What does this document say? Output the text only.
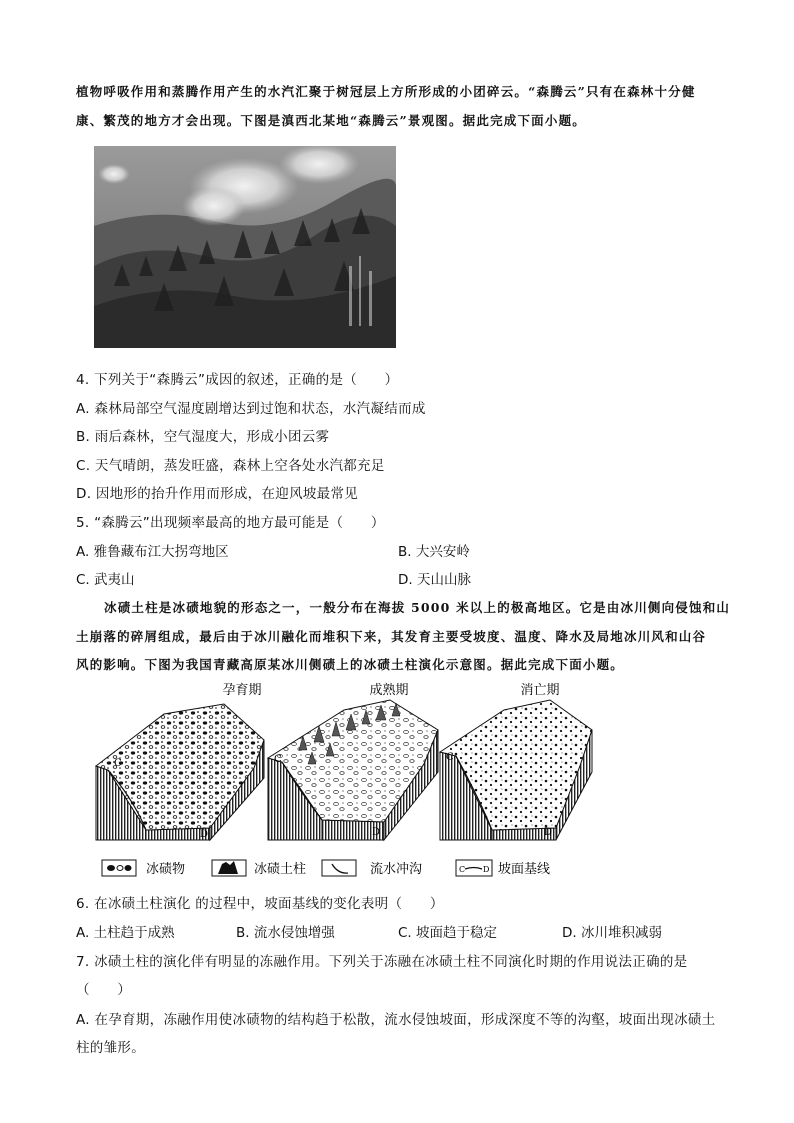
植物呼吸作用和蒸腾作用产生的水汽汇聚于树冠层上方所形成的小团碎云。“森腾云”只有在森林十分健
康、繁茂的地方才会出现。下图是滇西北某地“森腾云”景观图。据此完成下面小题。
4. 下列关于“森腾云”成因的叙述，正确的是（　　）
A. 森林局部空气湿度剧增达到过饱和状态，水汽凝结而成
B. 雨后森林，空气湿度大，形成小团云雾
C. 天气晴朗，蒸发旺盛，森林上空各处水汽都充足
D. 因地形的抬升作用而形成，在迎风坡最常见
5. “森腾云”出现频率最高的地方最可能是（　　）
A. 雅鲁藏布江大拐弯地区	B. 大兴安岭
C. 武夷山	D. 天山山脉
冰碛土柱是冰碛地貌的形态之一，一般分布在海拔 5000 米以上的极高地区。它是由冰川侧向侵蚀和山
土崩落的碎屑组成，最后由于冰川融化而堆积下来，其发育主要受坡度、温度、降水及局地冰川风和山谷
风的影响。下图为我国青藏高原某冰川侧碛上的冰碛土柱演化示意图。据此完成下面小题。
孕育期	成熟期	消亡期
C
D
C
D
C
D
冰碛物	冰碛土柱	流水冲沟	C D 坡面基线
6. 在冰碛土柱演化 的过程中，坡面基线的变化表明（　　）
A. 土柱趋于成熟	B. 流水侵蚀增强	C. 坡面趋于稳定	D. 冰川堆积减弱
7. 冰碛土柱的演化伴有明显的冻融作用。下列关于冻融在冰碛土柱不同演化时期的作用说法正确的是
（　　）
A. 在孕育期，冻融作用使冰碛物的结构趋于松散，流水侵蚀坡面，形成深度不等的沟壑，坡面出现冰碛土
柱的雏形。
